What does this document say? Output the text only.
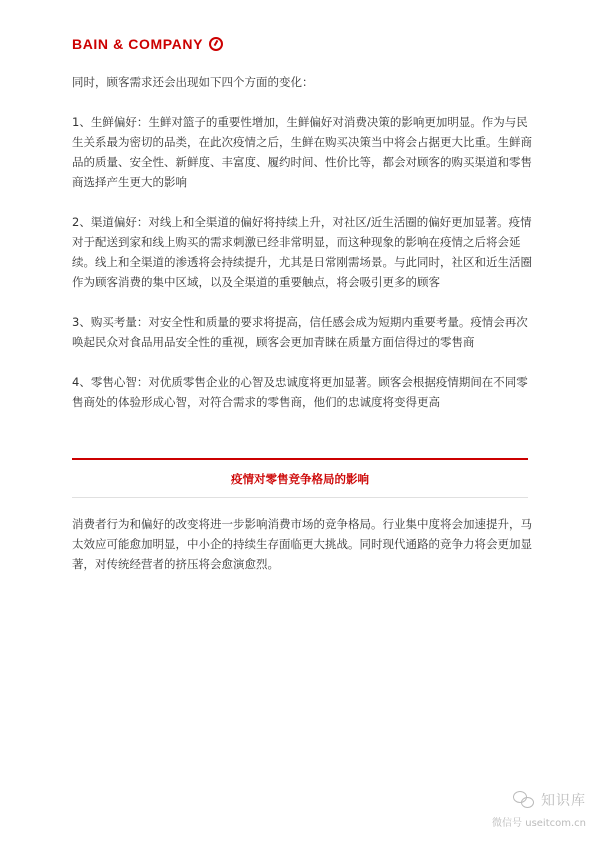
BAIN & COMPANY

同时，顾客需求还会出现如下四个方面的变化：

1、生鲜偏好：生鲜对篮子的重要性增加，生鲜偏好对消费决策的影响更加明显。作为与民生关系最为密切的品类，在此次疫情之后，生鲜在购买决策当中将会占据更大比重。生鲜商品的质量、安全性、新鲜度、丰富度、履约时间、性价比等，都会对顾客的购买渠道和零售商选择产生更大的影响

2、渠道偏好：对线上和全渠道的偏好将持续上升，对社区/近生活圈的偏好更加显著。疫情对于配送到家和线上购买的需求刺激已经非常明显，而这种现象的影响在疫情之后将会延续。线上和全渠道的渗透将会持续提升，尤其是日常刚需场景。与此同时，社区和近生活圈作为顾客消费的集中区域，以及全渠道的重要触点，将会吸引更多的顾客

3、购买考量：对安全性和质量的要求将提高，信任感会成为短期内重要考量。疫情会再次唤起民众对食品用品安全性的重视，顾客会更加青睐在质量方面信得过的零售商

4、零售心智：对优质零售企业的心智及忠诚度将更加显著。顾客会根据疫情期间在不同零售商处的体验形成心智，对符合需求的零售商，他们的忠诚度将变得更高

疫情对零售竞争格局的影响

消费者行为和偏好的改变将进一步影响消费市场的竞争格局。行业集中度将会加速提升，马太效应可能愈加明显，中小企的持续生存面临更大挑战。同时现代通路的竞争力将会更加显著，对传统经营者的挤压将会愈演愈烈。

知识库
微信号 useitcom.cn
